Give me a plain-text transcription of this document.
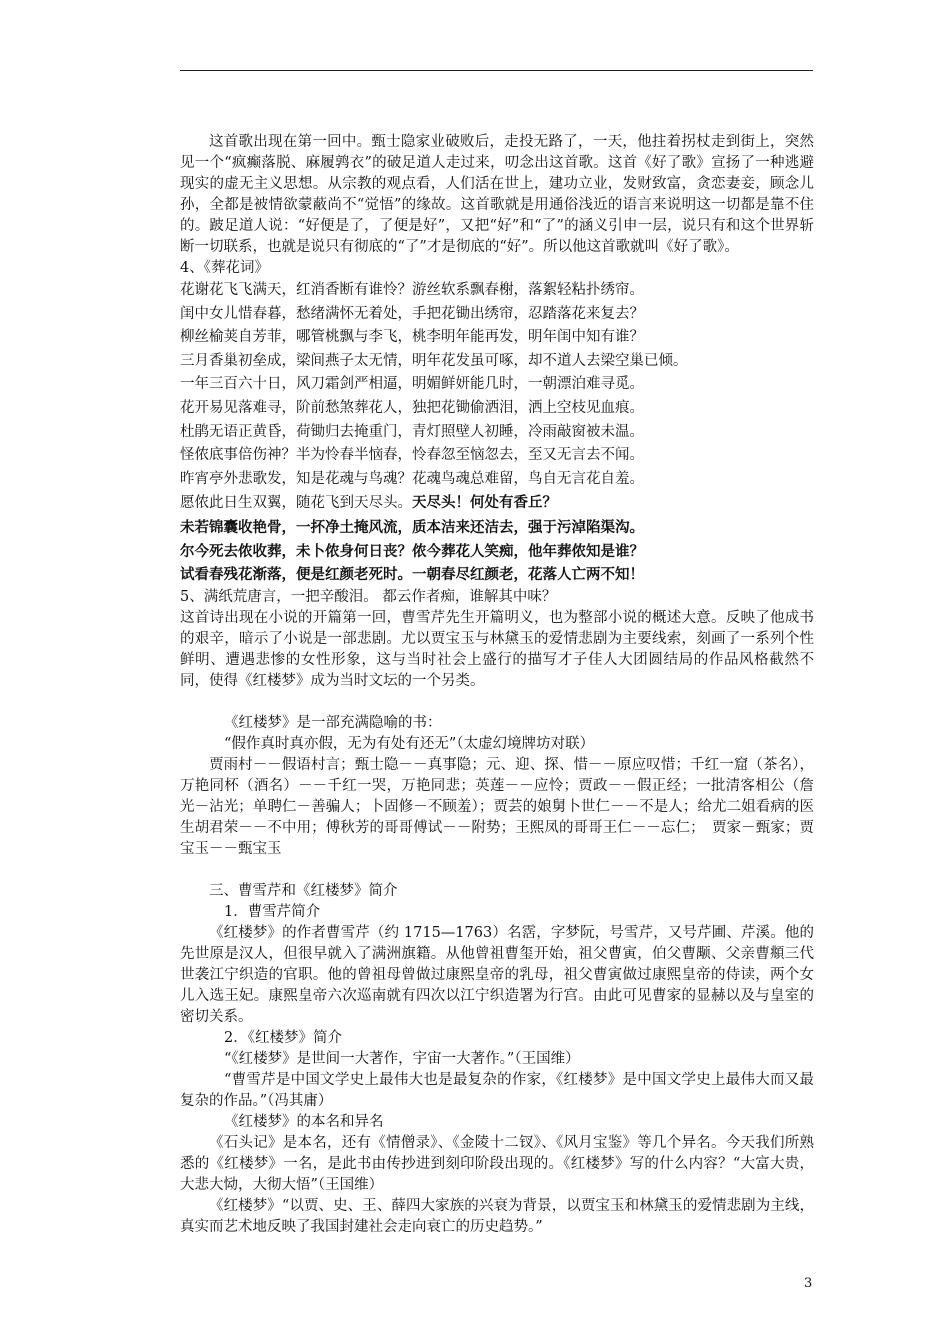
这首歌出现在第一回中。甄士隐家业破败后，走投无路了，一天，他拄着拐杖走到街上，突然见一个“疯癫落脱、麻履鹑衣”的破足道人走过来，叨念出这首歌。这首《好了歌》宣扬了一种逃避现实的虚无主义思想。从宗教的观点看，人们活在世上，建功立业，发财致富，贪恋妻妾，顾念儿孙，全都是被情欲蒙蔽尚不“觉悟”的缘故。这首歌就是用通俗浅近的语言来说明这一切都是靠不住的。跛足道人说：“好便是了，了便是好”，又把“好”和“了”的涵义引申一层，说只有和这个世界斩断一切联系，也就是说只有彻底的“了”才是彻底的“好”。所以他这首歌就叫《好了歌》。

4、《葬花词》

花谢花飞飞满天，红消香断有谁怜？游丝软系飘春榭，落絮轻粘扑绣帘。
闺中女儿惜春暮，愁绪满怀无着处，手把花锄出绣帘，忍踏落花来复去？
柳丝榆荚自芳菲，哪管桃飘与李飞，桃李明年能再发，明年闺中知有谁？
三月香巢初垒成，梁间燕子太无情，明年花发虽可啄，却不道人去梁空巢已倾。
一年三百六十日，风刀霜剑严相逼，明媚鲜妍能几时，一朝漂泊难寻觅。
花开易见落难寻，阶前愁煞葬花人，独把花锄偷洒泪，洒上空枝见血痕。
杜鹃无语正黄昏，荷锄归去掩重门，青灯照壁人初睡，冷雨敲窗被未温。
怪侬底事倍伤神？半为怜春半恼春，怜春忽至恼忽去，至又无言去不闻。
昨宵亭外悲歌发，知是花魂与鸟魂？花魂鸟魂总难留，鸟自无言花自羞。
愿侬此日生双翼，随花飞到天尽头。天尽头！何处有香丘？
未若锦囊收艳骨，一抔净土掩风流，质本洁来还洁去，强于污淖陷渠沟。
尔今死去侬收葬，未卜侬身何日丧？侬今葬花人笑痴，他年葬侬知是谁？
试看春残花渐落，便是红颜老死时。一朝春尽红颜老，花落人亡两不知！

5、满纸荒唐言，一把辛酸泪。 都云作者痴，谁解其中味？

这首诗出现在小说的开篇第一回，曹雪芹先生开篇明义，也为整部小说的概述大意。反映了他成书的艰辛，暗示了小说是一部悲剧。尤以贾宝玉与林黛玉的爱情悲剧为主要线索，刻画了一系列个性鲜明、遭遇悲惨的女性形象，这与当时社会上盛行的描写才子佳人大团圆结局的作品风格截然不同，使得《红楼梦》成为当时文坛的一个另类。

《红楼梦》是一部充满隐喻的书：

“假作真时真亦假，无为有处有还无”（太虚幻境牌坊对联）

贾雨村－－假语村言；甄士隐－－真事隐；元、迎、探、惜－－原应叹惜；千红一窟（茶名），万艳同杯（酒名）－－千红一哭，万艳同悲；英莲－－应怜；贾政－－假正经；一批清客相公（詹光－沾光；单聘仁－善骗人；卜固修－不顾羞）；贾芸的娘舅卜世仁－－不是人；给尤二姐看病的医生胡君荣－－不中用；傅秋芳的哥哥傅试－－附势；王熙凤的哥哥王仁－－忘仁；　贾家－甄家；贾宝玉－－甄宝玉

三、曹雪芹和《红楼梦》简介

1．曹雪芹简介

《红楼梦》的作者曹雪芹（约 1715—1763）名霑，字梦阮，号雪芹，又号芹圃、芹溪。他的先世原是汉人，但很早就入了满洲旗籍。从他曾祖曹玺开始，祖父曹寅，伯父曹颙、父亲曹頫三代世袭江宁织造的官职。他的曾祖母曾做过康熙皇帝的乳母，祖父曹寅做过康熙皇帝的侍读，两个女儿入选王妃。康熙皇帝六次巡南就有四次以江宁织造署为行宫。由此可见曹家的显赫以及与皇室的密切关系。

2．《红楼梦》简介

“《红楼梦》是世间一大著作，宇宙一大著作。”（王国维）

“曹雪芹是中国文学史上最伟大也是最复杂的作家，《红楼梦》是中国文学史上最伟大而又最复杂的作品。”（冯其庸）

《红楼梦》的本名和异名

《石头记》是本名，还有《情僧录》、《金陵十二钗》、《风月宝鉴》等几个异名。今天我们所熟悉的《红楼梦》一名，是此书由传抄进到刻印阶段出现的。《红楼梦》写的什么内容？“大富大贵，大悲大恸，大彻大悟”（王国维）

《红楼梦》“以贾、史、王、薛四大家族的兴衰为背景，以贾宝玉和林黛玉的爱情悲剧为主线，真实而艺术地反映了我国封建社会走向衰亡的历史趋势。”

3
